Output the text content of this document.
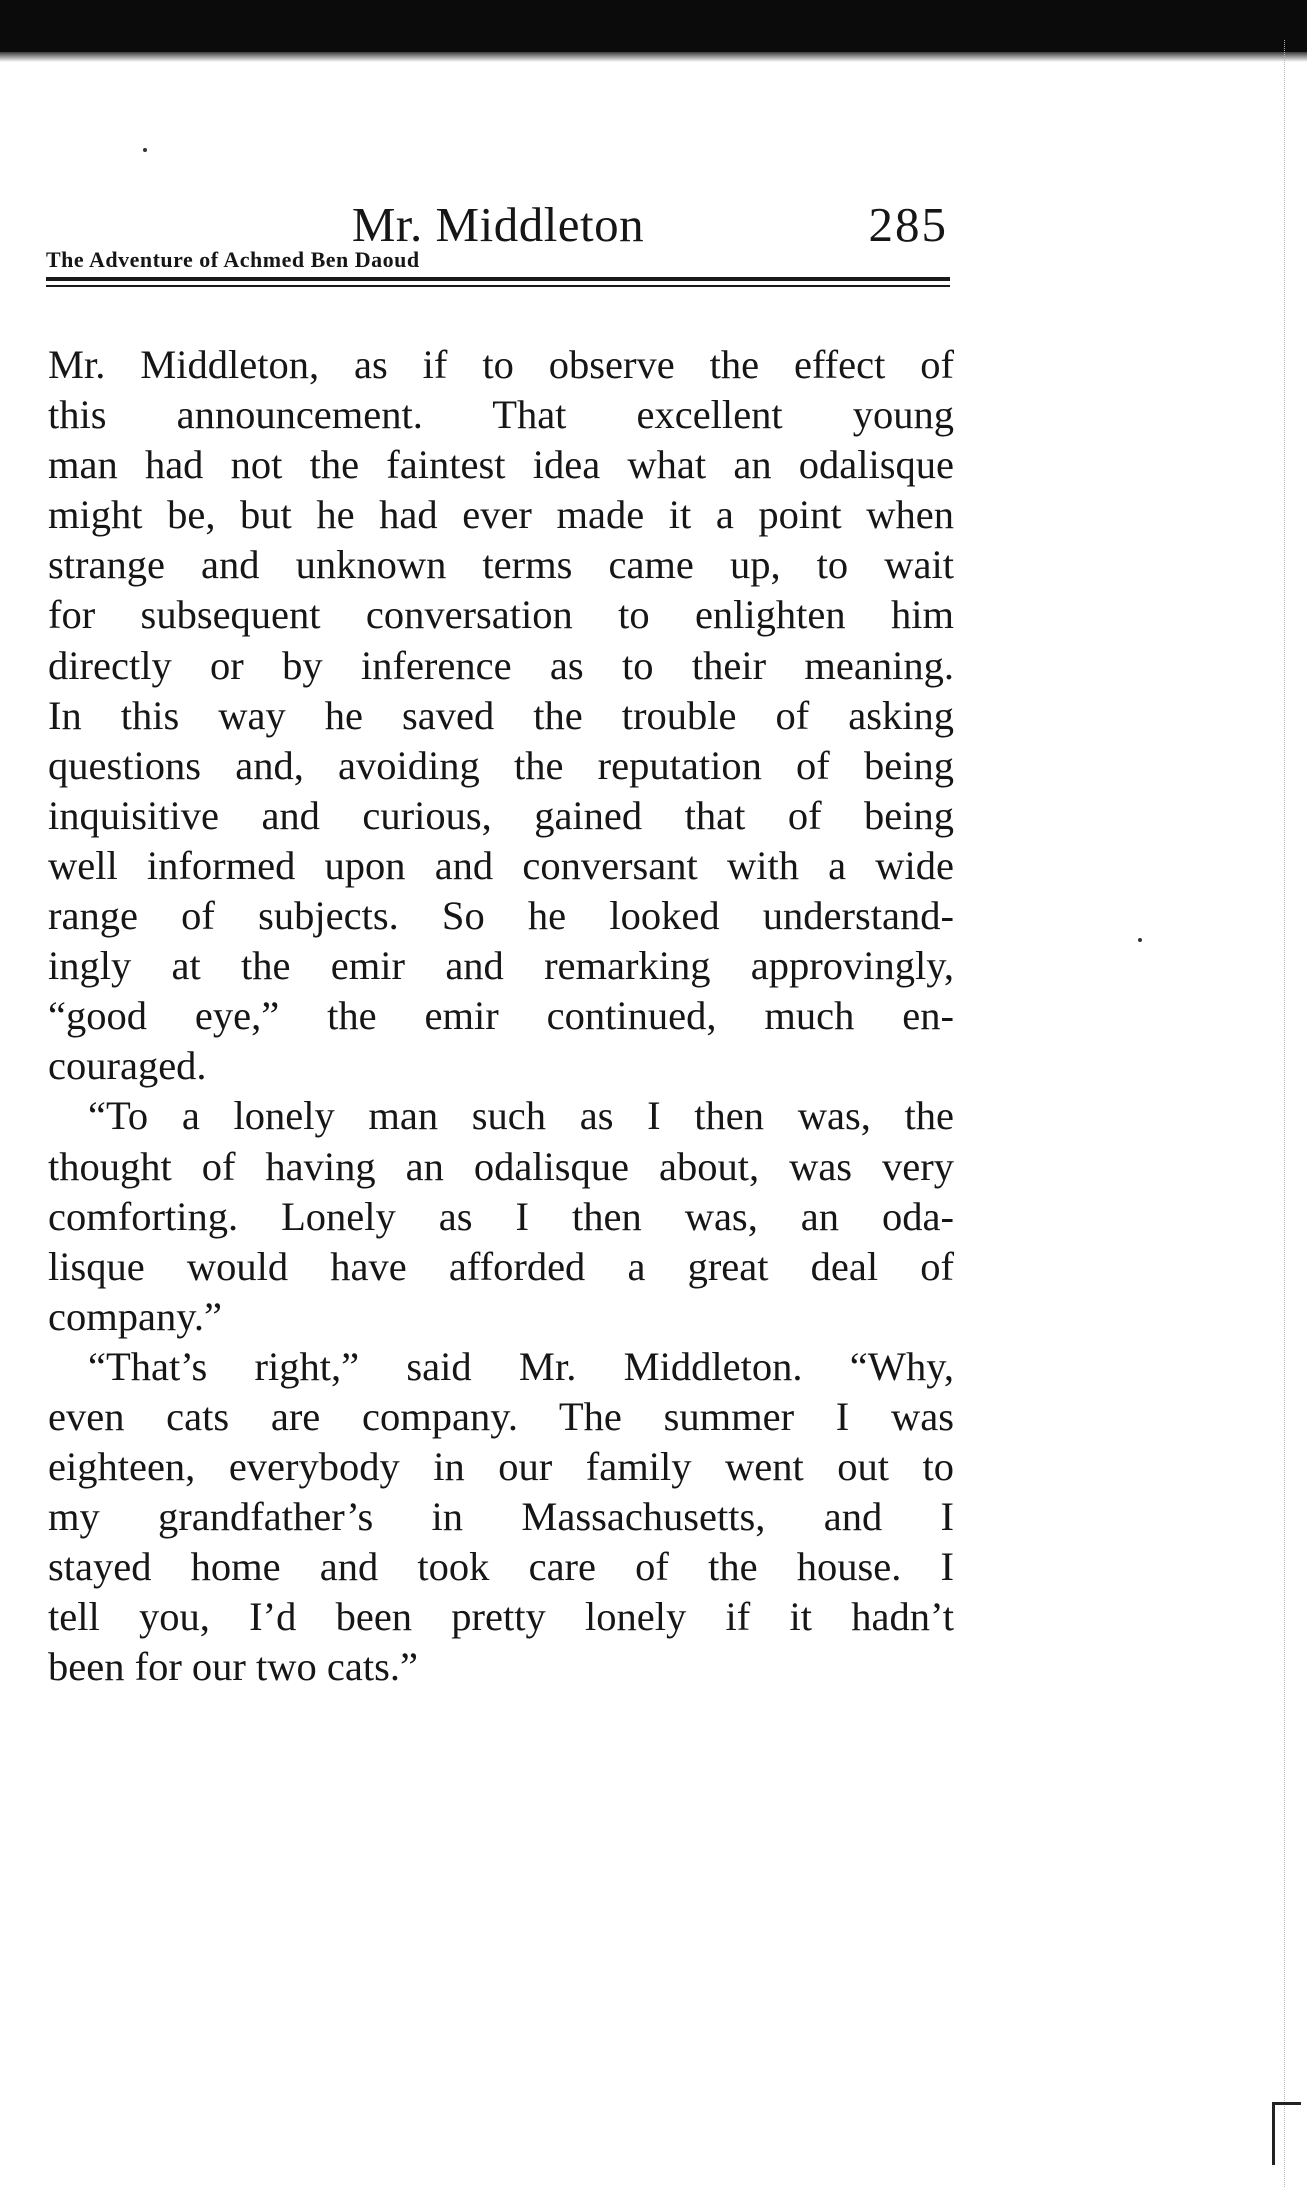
Mr. Middleton	285
The Adventure of Achmed Ben Daoud
Mr. Middleton, as if to observe the effect of
this announcement. That excellent young
man had not the faintest idea what an odalisque
might be, but he had ever made it a point when
strange and unknown terms came up, to wait
for subsequent conversation to enlighten him
directly or by inference as to their meaning.
In this way he saved the trouble of asking
questions and, avoiding the reputation of being
inquisitive and curious, gained that of being
well informed upon and conversant with a wide
range of subjects. So he looked understand-
ingly at the emir and remarking approvingly,
“good eye,” the emir continued, much en-
couraged.
“To a lonely man such as I then was, the
thought of having an odalisque about, was very
comforting. Lonely as I then was, an oda-
lisque would have afforded a great deal of
company.”
“That’s right,” said Mr. Middleton. “Why,
even cats are company. The summer I was
eighteen, everybody in our family went out to
my grandfather’s in Massachusetts, and I
stayed home and took care of the house. I
tell you, I’d been pretty lonely if it hadn’t
been for our two cats.”
